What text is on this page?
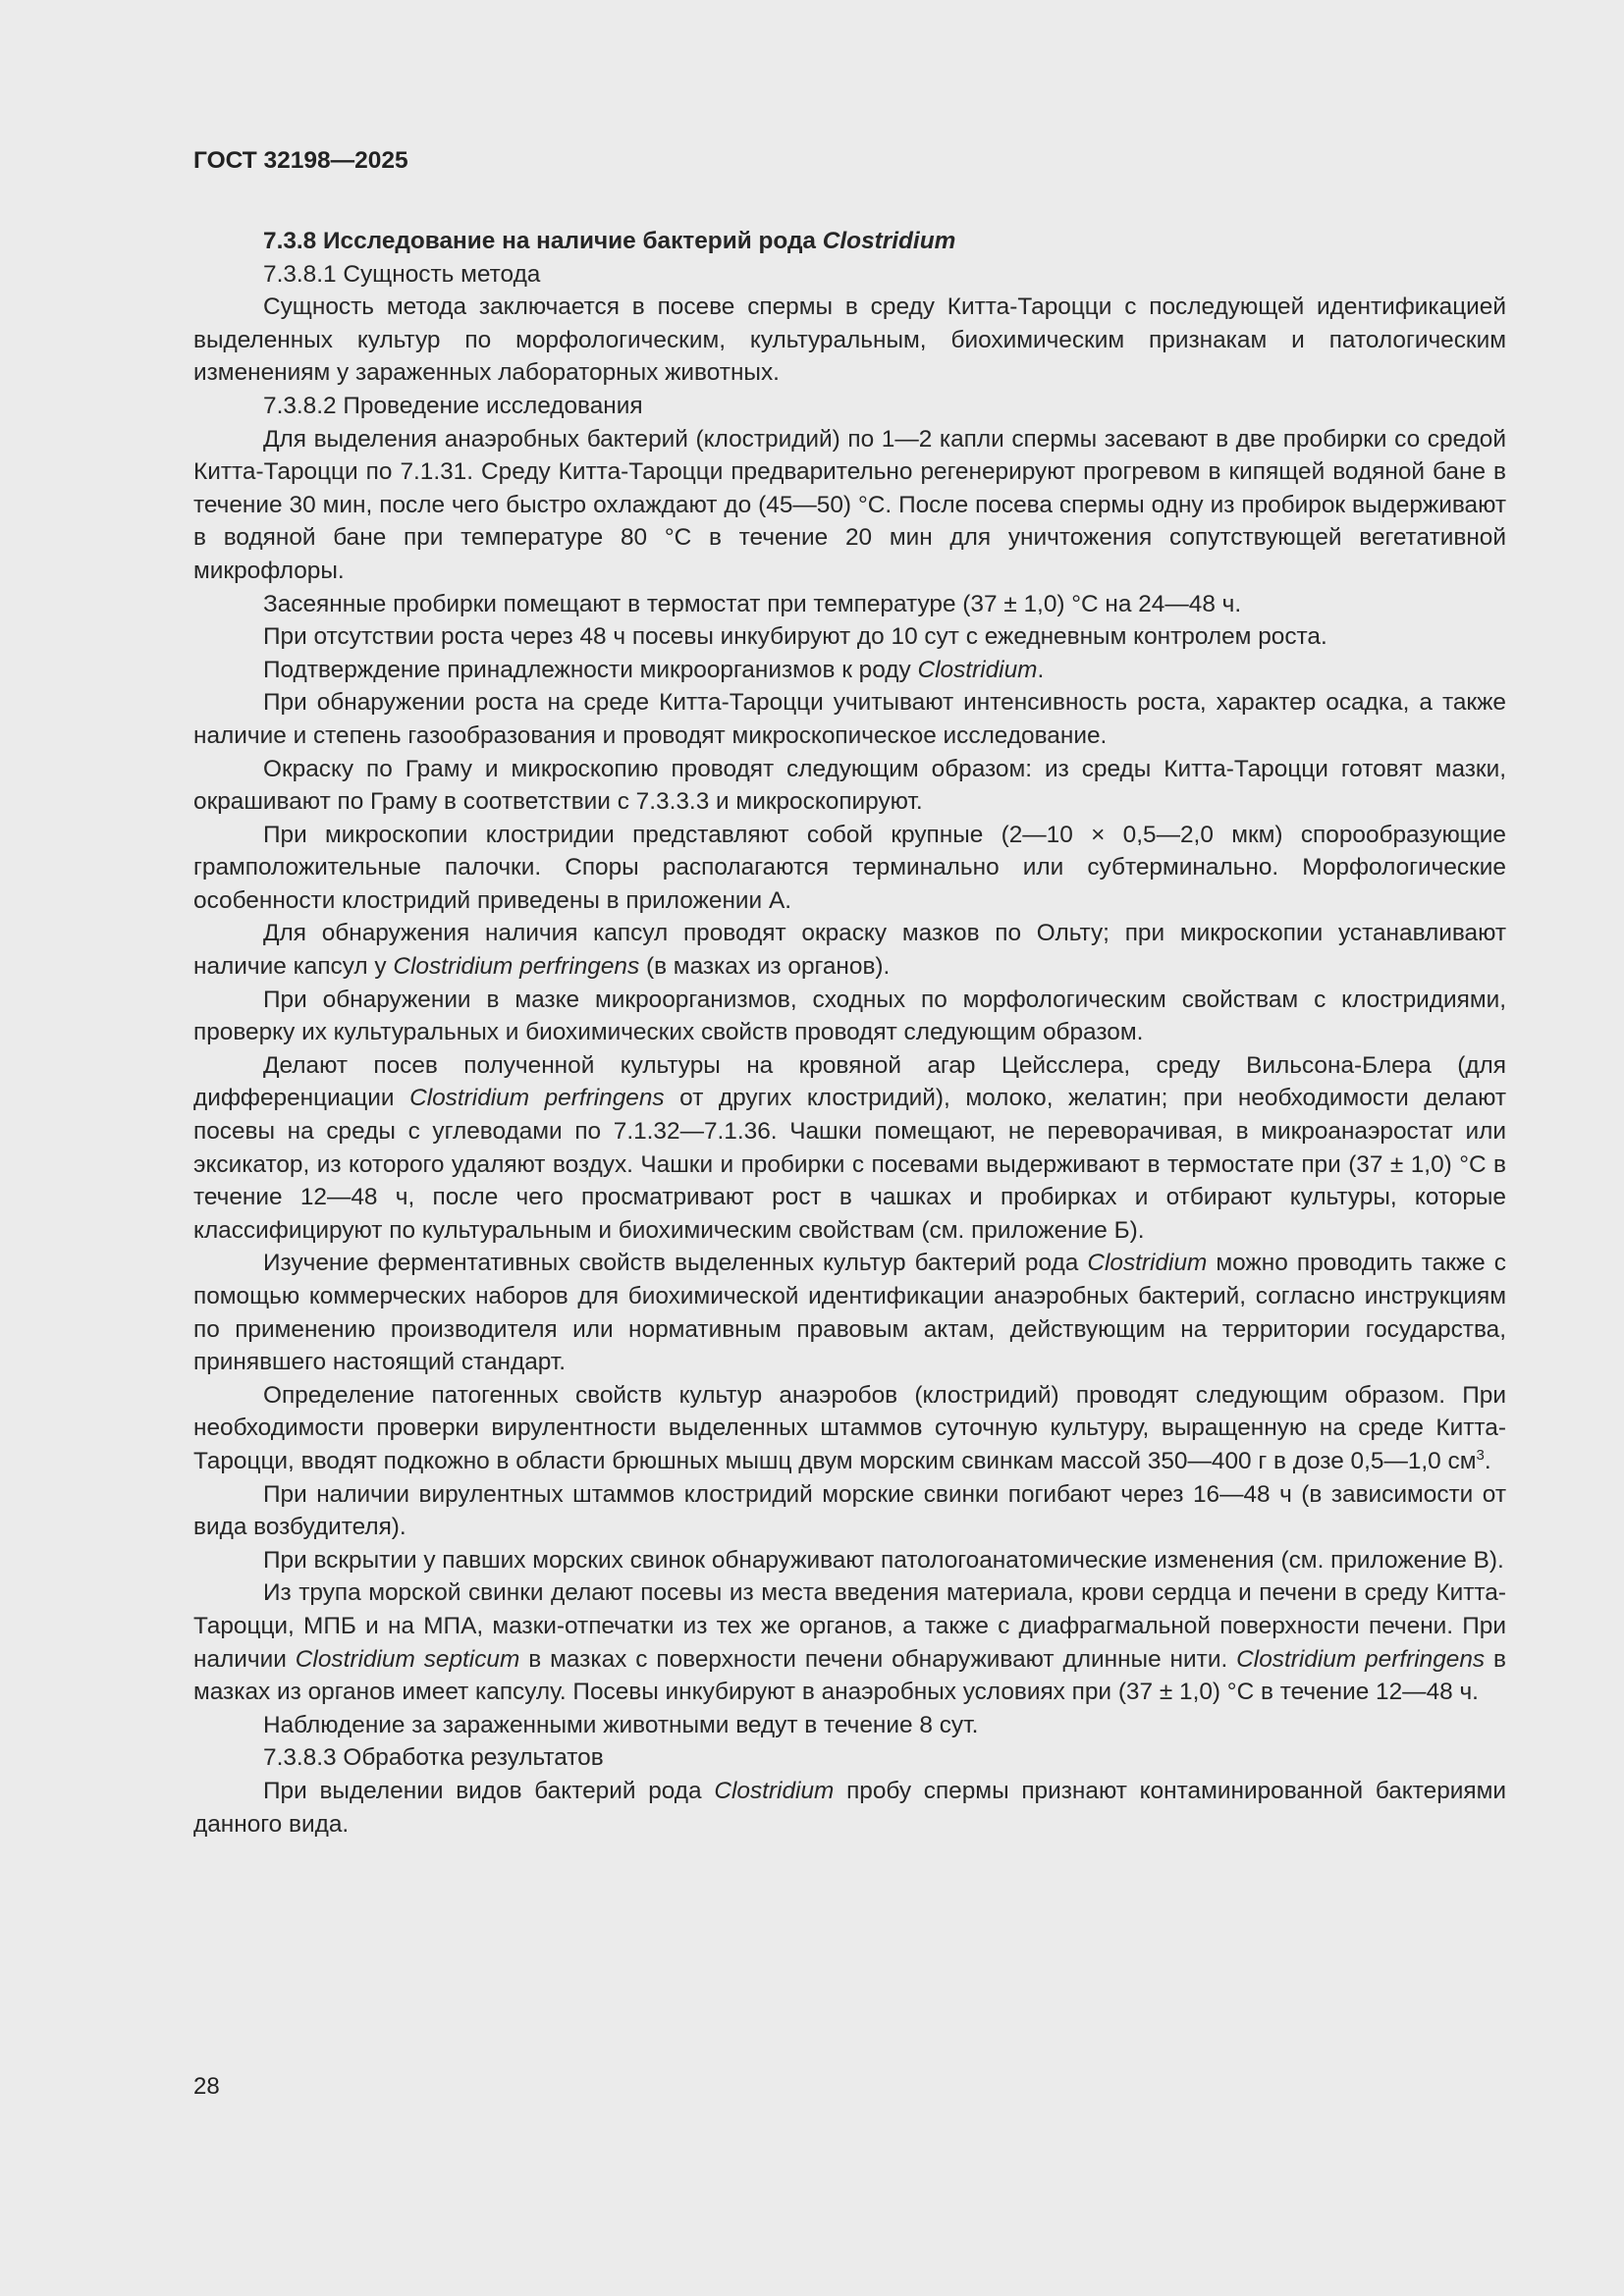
ГОСТ 32198—2025

7.3.8 Исследование на наличие бактерий рода Clostridium

7.3.8.1 Сущность метода

Сущность метода заключается в посеве спермы в среду Китта-Тароцци с последующей идентификацией выделенных культур по морфологическим, культуральным, биохимическим признакам и патологическим изменениям у зараженных лабораторных животных.

7.3.8.2 Проведение исследования

Для выделения анаэробных бактерий (клостридий) по 1—2 капли спермы засевают в две пробирки со средой Китта-Тароцци по 7.1.31. Среду Китта-Тароцци предварительно регенерируют прогревом в кипящей водяной бане в течение 30 мин, после чего быстро охлаждают до (45—50) °С. После посева спермы одну из пробирок выдерживают в водяной бане при температуре 80 °С в течение 20 мин для уничтожения сопутствующей вегетативной микрофлоры.

Засеянные пробирки помещают в термостат при температуре (37 ± 1,0) °С на 24—48 ч.

При отсутствии роста через 48 ч посевы инкубируют до 10 сут с ежедневным контролем роста.

Подтверждение принадлежности микроорганизмов к роду Clostridium.

При обнаружении роста на среде Китта-Тароцци учитывают интенсивность роста, характер осадка, а также наличие и степень газообразования и проводят микроскопическое исследование.

Окраску по Граму и микроскопию проводят следующим образом: из среды Китта-Тароцци готовят мазки, окрашивают по Граму в соответствии с 7.3.3.3 и микроскопируют.

При микроскопии клостридии представляют собой крупные (2—10 × 0,5—2,0 мкм) спорообразующие грамположительные палочки. Споры располагаются терминально или субтерминально. Морфологические особенности клостридий приведены в приложении А.

Для обнаружения наличия капсул проводят окраску мазков по Ольту; при микроскопии устанавливают наличие капсул у Clostridium perfringens (в мазках из органов).

При обнаружении в мазке микроорганизмов, сходных по морфологическим свойствам с клостридиями, проверку их культуральных и биохимических свойств проводят следующим образом.

Делают посев полученной культуры на кровяной агар Цейсслера, среду Вильсона-Блера (для дифференциации Clostridium perfringens от других клостридий), молоко, желатин; при необходимости делают посевы на среды с углеводами по 7.1.32—7.1.36. Чашки помещают, не переворачивая, в микроанаэростат или эксикатор, из которого удаляют воздух. Чашки и пробирки с посевами выдерживают в термостате при (37 ± 1,0) °С в течение 12—48 ч, после чего просматривают рост в чашках и пробирках и отбирают культуры, которые классифицируют по культуральным и биохимическим свойствам (см. приложение Б).

Изучение ферментативных свойств выделенных культур бактерий рода Clostridium можно проводить также с помощью коммерческих наборов для биохимической идентификации анаэробных бактерий, согласно инструкциям по применению производителя или нормативным правовым актам, действующим на территории государства, принявшего настоящий стандарт.

Определение патогенных свойств культур анаэробов (клостридий) проводят следующим образом. При необходимости проверки вирулентности выделенных штаммов суточную культуру, выращенную на среде Китта-Тароцци, вводят подкожно в области брюшных мышц двум морским свинкам массой 350—400 г в дозе 0,5—1,0 $см^3$.

При наличии вирулентных штаммов клостридий морские свинки погибают через 16—48 ч (в зависимости от вида возбудителя).

При вскрытии у павших морских свинок обнаруживают патологоанатомические изменения (см. приложение В).

Из трупа морской свинки делают посевы из места введения материала, крови сердца и печени в среду Китта-Тароцци, МПБ и на МПА, мазки-отпечатки из тех же органов, а также с диафрагмальной поверхности печени. При наличии Clostridium septicum в мазках с поверхности печени обнаруживают длинные нити. Clostridium perfringens в мазках из органов имеет капсулу. Посевы инкубируют в анаэробных условиях при (37 ± 1,0) °С в течение 12—48 ч.

Наблюдение за зараженными животными ведут в течение 8 сут.

7.3.8.3 Обработка результатов

При выделении видов бактерий рода Clostridium пробу спермы признают контаминированной бактериями данного вида.

28
